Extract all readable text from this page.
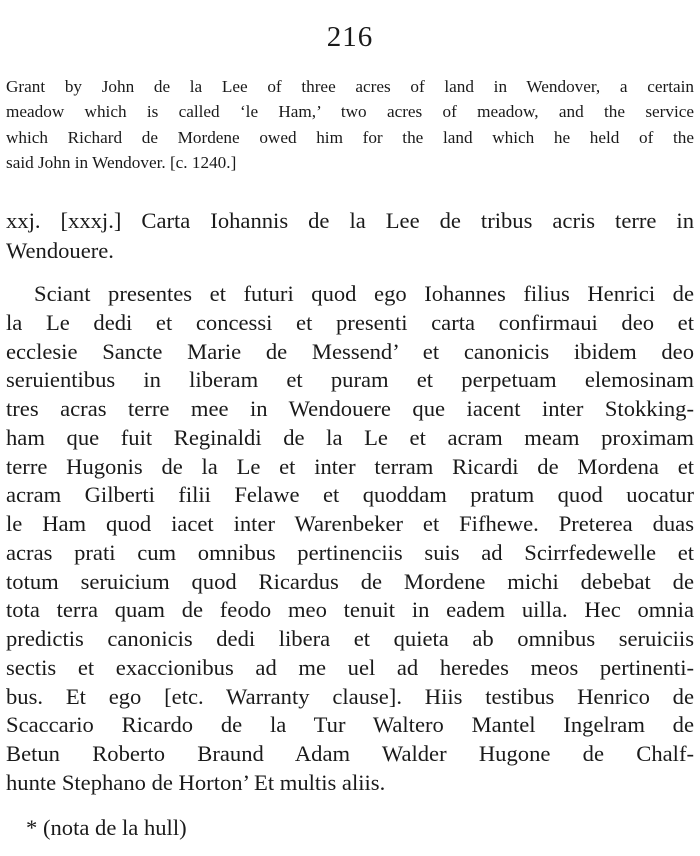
216
Grant by John de la Lee of three acres of land in Wendover, a certain
meadow which is called ‘le Ham,’ two acres of meadow, and the service
which Richard de Mordene owed him for the land which he held of the
said John in Wendover. [c. 1240.]
xxj. [xxxj.] Carta Iohannis de la Lee de tribus acris terre in
Wendouere.
Sciant presentes et futuri quod ego Iohannes filius Henrici de
la Le dedi et concessi et presenti carta confirmaui deo et
ecclesie Sancte Marie de Messend’ et canonicis ibidem deo
seruientibus in liberam et puram et perpetuam elemosinam
tres acras terre mee in Wendouere que iacent inter Stokking-
ham que fuit Reginaldi de la Le et acram meam proximam
terre Hugonis de la Le et inter terram Ricardi de Mordena et
acram Gilberti filii Felawe et quoddam pratum quod uocatur
le Ham quod iacet inter Warenbeker et Fifhewe. Preterea duas
acras prati cum omnibus pertinenciis suis ad Scirrfedewelle et
totum seruicium quod Ricardus de Mordene michi debebat de
tota terra quam de feodo meo tenuit in eadem uilla. Hec omnia
predictis canonicis dedi libera et quieta ab omnibus seruiciis
sectis et exaccionibus ad me uel ad heredes meos pertinenti-
bus. Et ego [etc. Warranty clause]. Hiis testibus Henrico de
Scaccario Ricardo de la Tur Waltero Mantel Ingelram de
Betun Roberto Braund Adam Walder Hugone de Chalf-
hunte Stephano de Horton’ Et multis aliis.
* (nota de la hull)
